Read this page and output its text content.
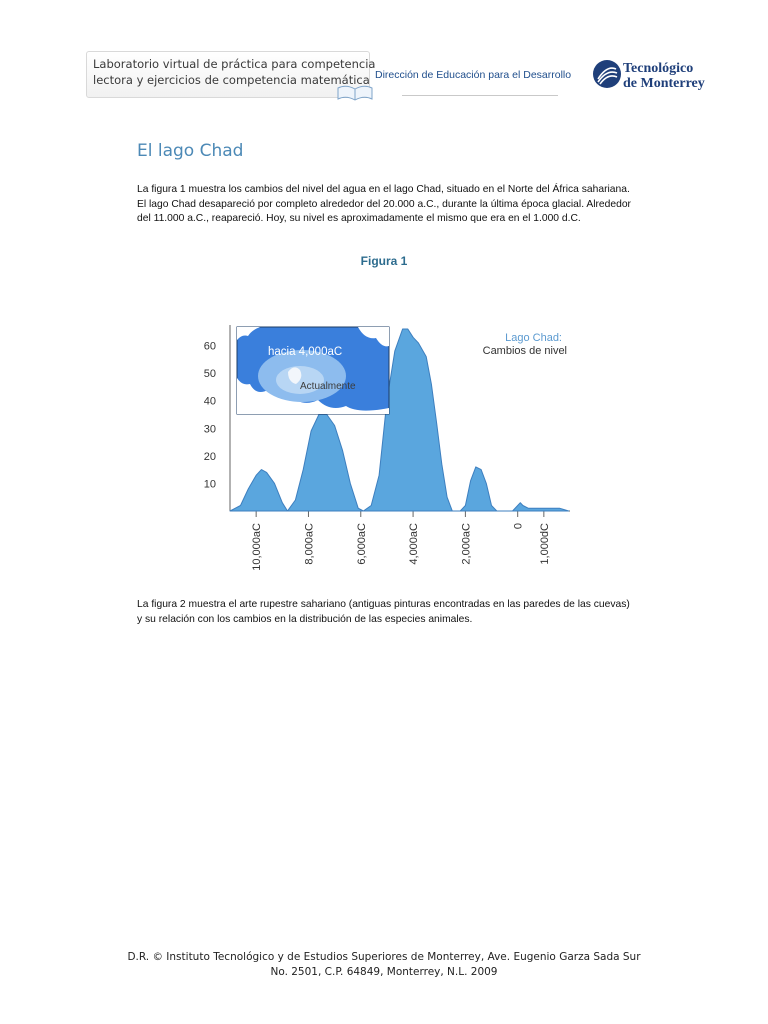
Laboratorio virtual de práctica para competencia
lectora y ejercicios de competencia matemática Dirección de Educación para el Desarrollo	Tecnológico
de Monterrey
El lago Chad

La figura 1 muestra los cambios del nivel del agua en el lago Chad, situado en el Norte del África sahariana. El lago Chad desapareció por completo alrededor del 20.000 a.C., durante la última época glacial. Alrededor del 11.000 a.C., reapareció. Hoy, su nivel es aproximadamente el mismo que era en el 1.000 d.C.

Figura 1
10
20
30
40
50
60
10,000aC	8,000aC	6,000aC	4,000aC	2,000aC	0 1,000dC
hacia 4,000aC
Actualmente
Lago Chad:
Cambios de nivel

La figura 2 muestra el arte rupestre sahariano (antiguas pinturas encontradas en las paredes de las cuevas) y su relación con los cambios en la distribución de las especies animales.

D.R. © Instituto Tecnológico y de Estudios Superiores de Monterrey, Ave. Eugenio Garza Sada Sur
No. 2501, C.P. 64849, Monterrey, N.L. 2009
